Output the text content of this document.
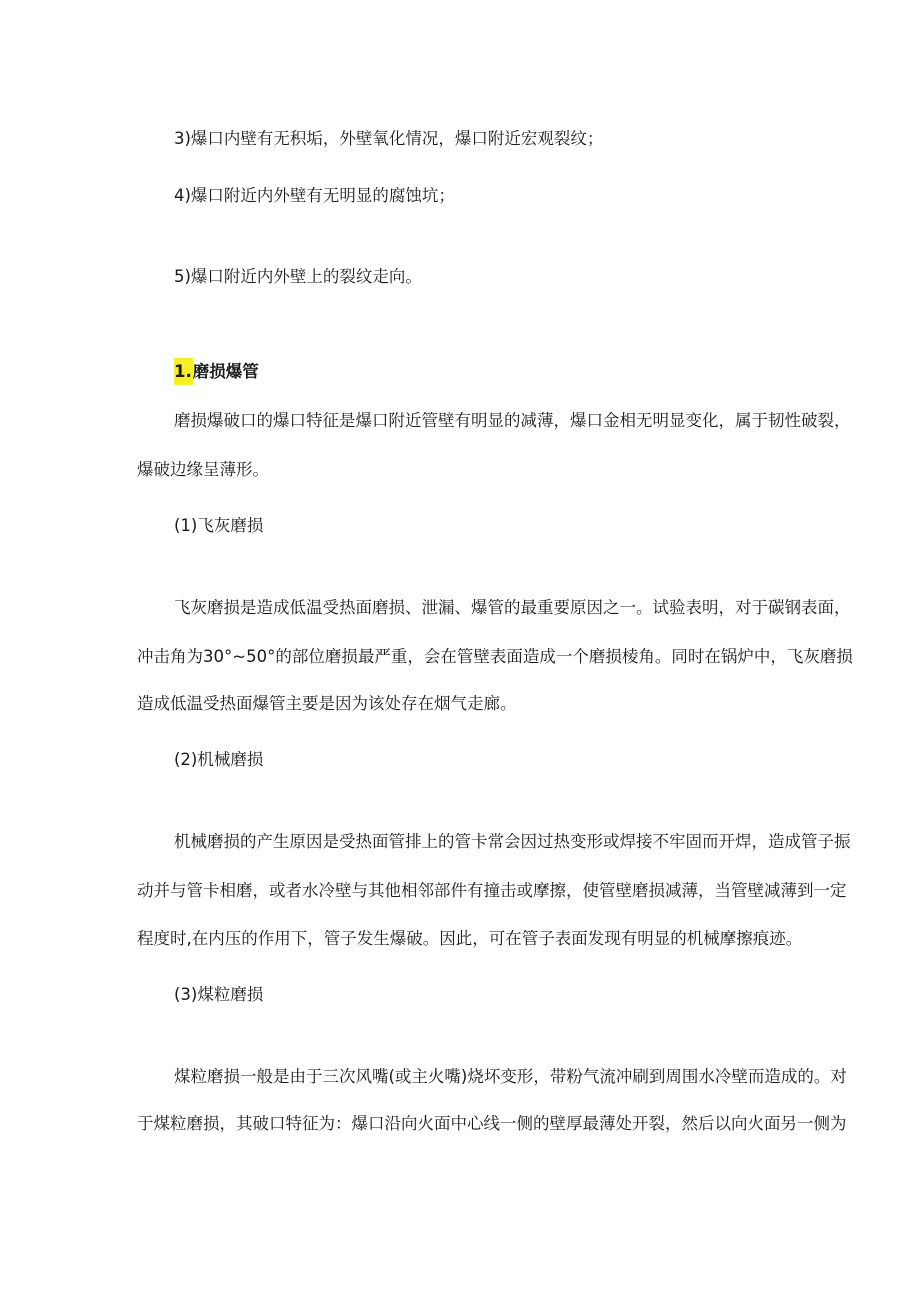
3)爆口内壁有无积垢，外壁氧化情况，爆口附近宏观裂纹；
4)爆口附近内外壁有无明显的腐蚀坑；
5)爆口附近内外壁上的裂纹走向。
1.磨损爆管
磨损爆破口的爆口特征是爆口附近管壁有明显的减薄，爆口金相无明显变化，属于韧性破裂，
爆破边缘呈薄形。
(1)飞灰磨损
飞灰磨损是造成低温受热面磨损、泄漏、爆管的最重要原因之一。试验表明，对于碳钢表面，
冲击角为30°~50°的部位磨损最严重，会在管壁表面造成一个磨损棱角。同时在锅炉中，飞灰磨损
造成低温受热面爆管主要是因为该处存在烟气走廊。
(2)机械磨损
机械磨损的产生原因是受热面管排上的管卡常会因过热变形或焊接不牢固而开焊，造成管子振
动并与管卡相磨，或者水冷壁与其他相邻部件有撞击或摩擦，使管壁磨损减薄，当管壁减薄到一定
程度时,在内压的作用下，管子发生爆破。因此，可在管子表面发现有明显的机械摩擦痕迹。
(3)煤粒磨损
煤粒磨损一般是由于三次风嘴(或主火嘴)烧坏变形，带粉气流冲刷到周围水冷壁而造成的。对
于煤粒磨损，其破口特征为：爆口沿向火面中心线一侧的壁厚最薄处开裂，然后以向火面另一侧为
